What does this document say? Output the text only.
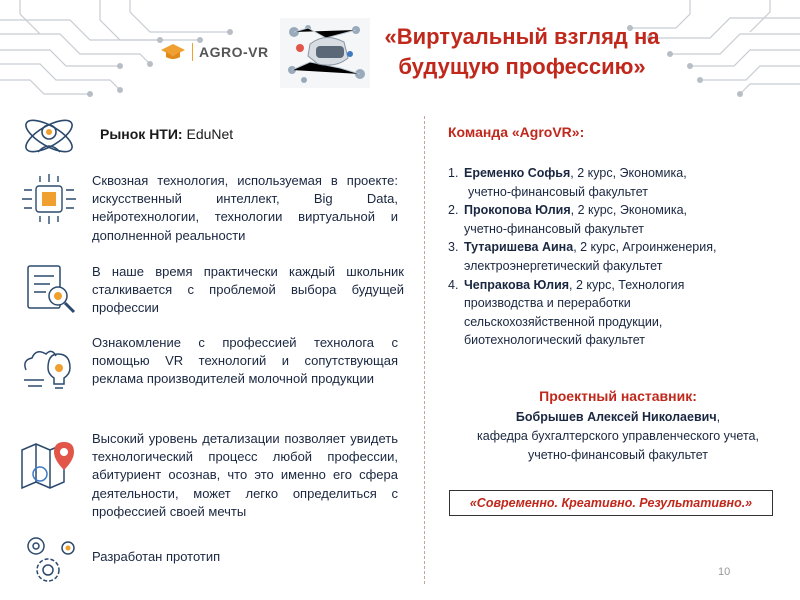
AGRO-VR
«Виртуальный взгляд на будущую профессию»
Рынок НТИ: EduNet
Сквозная технология, используемая в проекте: искусственный интеллект, Big Data, нейротехнологии, технологии виртуальной и дополненной реальности
В наше время практически каждый школьник сталкивается с проблемой выбора будущей профессии
Ознакомление с профессией технолога с помощью VR технологий и сопутствующая реклама производителей молочной продукции
Высокий уровень детализации позволяет увидеть технологический процесс любой профессии, абитуриент осознав, что это именно его сфера деятельности, может легко определиться с профессией своей мечты
Разработан прототип
Команда «AgroVR»:
1. Еременко Софья, 2 курс, Экономика,
учетно-финансовый факультет
2. Прокопова Юлия, 2 курс, Экономика,
учетно-финансовый факультет
3. Тутаришева Аина, 2 курс, Агроинженерия,
электроэнергетический факультет
4. Чепракова Юлия, 2 курс, Технология
производства и переработки сельскохозяйственной продукции, биотехнологический факультет
Проектный наставник:
Бобрышев Алексей Николаевич,
кафедра бухгалтерского управленческого учета,
учетно-финансовый факультет
«Современно. Креативно. Результативно.»
10
